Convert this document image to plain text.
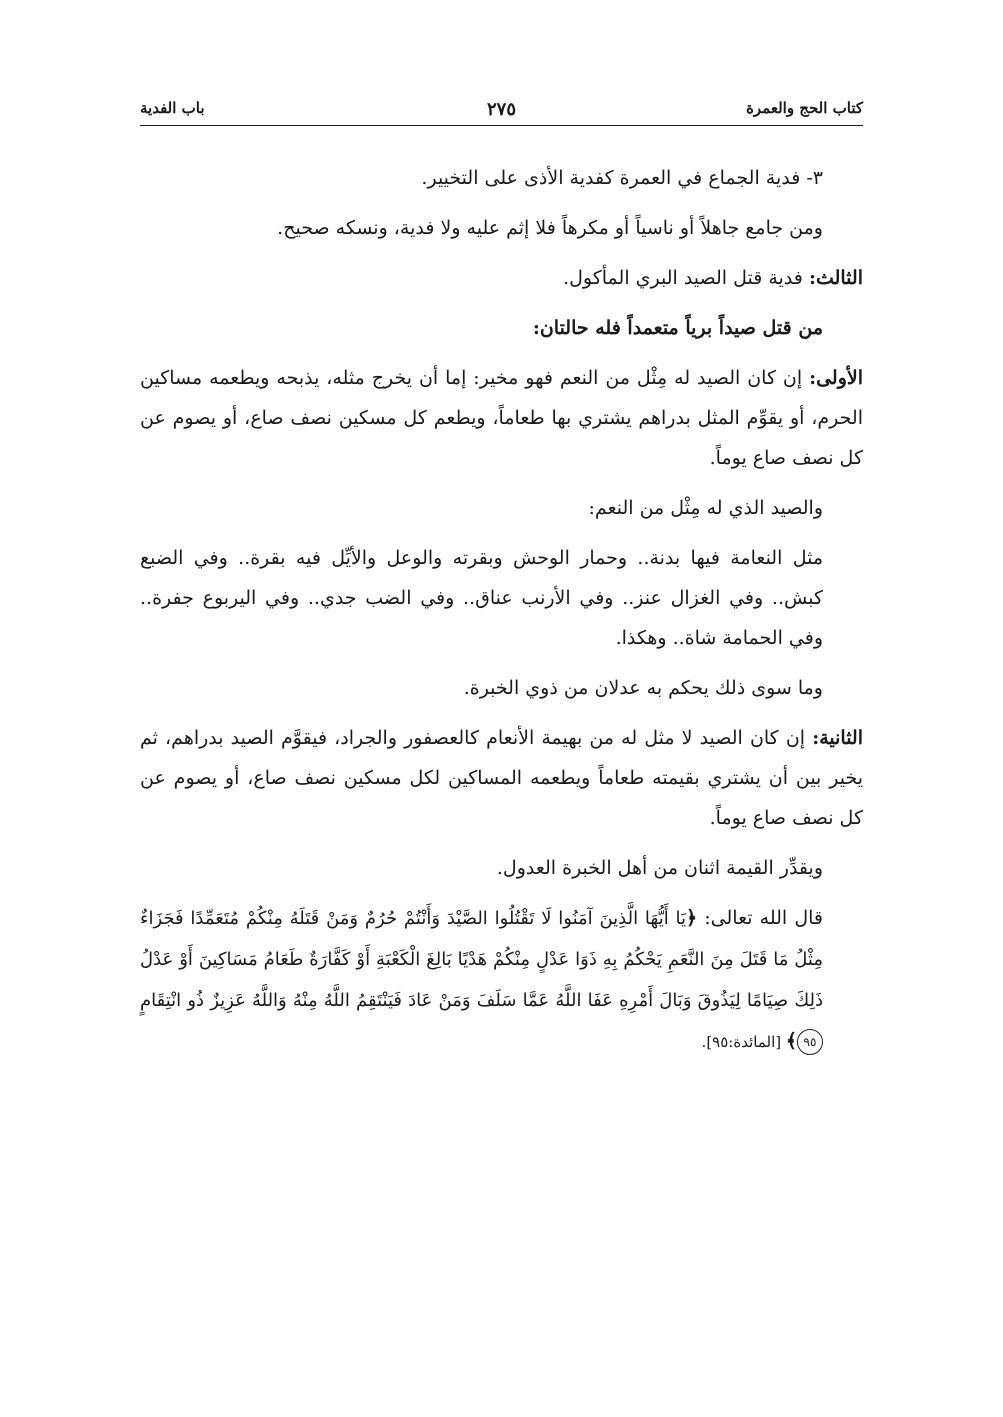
كتاب الحج والعمرة
٢٧٥
باب الفدية

٣- فدية الجماع في العمرة كفدية الأذى على التخيير.

ومن جامع جاهلاً أو ناسياً أو مكرهاً فلا إثم عليه ولا فدية، ونسكه صحيح.

الثالث: فدية قتل الصيد البري المأكول.

من قتل صيداً برياً متعمداً فله حالتان:

الأولى: إن كان الصيد له مِثْل من النعم فهو مخير: إما أن يخرج مثله، يذبحه ويطعمه مساكين الحرم، أو يقوِّم المثل بدراهم يشتري بها طعاماً، ويطعم كل مسكين نصف صاع، أو يصوم عن كل نصف صاع يوماً.

والصيد الذي له مِثْل من النعم:

مثل النعامة فيها بدنة.. وحمار الوحش وبقرته والوعل والأيِّل فيه بقرة.. وفي الضبع كبش.. وفي الغزال عنز.. وفي الأرنب عناق.. وفي الضب جدي.. وفي اليربوع جفرة.. وفي الحمامة شاة.. وهكذا.

وما سوى ذلك يحكم به عدلان من ذوي الخبرة.

الثانية: إن كان الصيد لا مثل له من بهيمة الأنعام كالعصفور والجراد، فيقوَّم الصيد بدراهم، ثم يخير بين أن يشتري بقيمته طعاماً ويطعمه المساكين لكل مسكين نصف صاع، أو يصوم عن كل نصف صاع يوماً.

ويقدِّر القيمة اثنان من أهل الخبرة العدول.

قال الله تعالى: ﴿يَا أَيُّهَا الَّذِينَ آمَنُوا لَا تَقْتُلُوا الصَّيْدَ وَأَنْتُمْ حُرُمٌ وَمَنْ قَتَلَهُ مِنْكُمْ مُتَعَمِّدًا فَجَزَاءٌ مِثْلُ مَا قَتَلَ مِنَ النَّعَمِ يَحْكُمُ بِهِ ذَوَا عَدْلٍ مِنْكُمْ هَدْيًا بَالِغَ الْكَعْبَةِ أَوْ كَفَّارَةٌ طَعَامُ مَسَاكِينَ أَوْ عَدْلُ ذَلِكَ صِيَامًا لِيَذُوقَ وَبَالَ أَمْرِهِ عَفَا اللَّهُ عَمَّا سَلَفَ وَمَنْ عَادَ فَيَنْتَقِمُ اللَّهُ مِنْهُ وَاللَّهُ عَزِيزٌ ذُو انْتِقَامٍ ٩٥﴾ [المائدة:٩٥].
